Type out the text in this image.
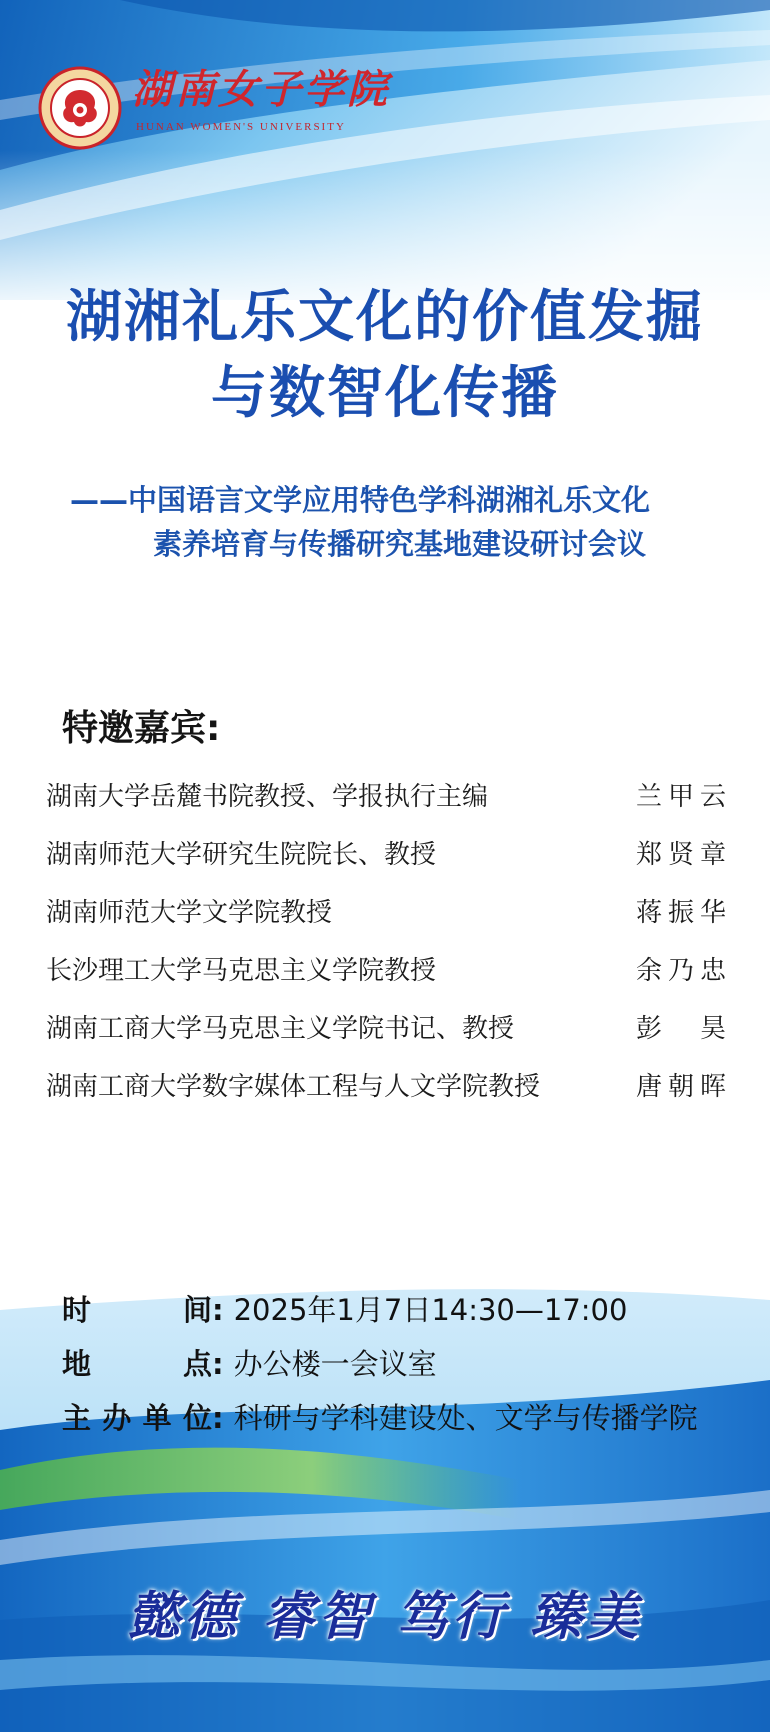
湖南女子学院
HUNAN WOMEN'S UNIVERSITY
湖湘礼乐文化的价值发掘
与数智化传播
——中国语言文学应用特色学科湖湘礼乐文化
素养培育与传播研究基地建设研讨会议
特邀嘉宾:
湖南大学岳麓书院教授、学报执行主编	兰甲云
湖南师范大学研究生院院长、教授	郑贤章
湖南师范大学文学院教授	蒋振华
长沙理工大学马克思主义学院教授	余乃忠
湖南工商大学马克思主义学院书记、教授	彭 昊
湖南工商大学数字媒体工程与人文学院教授	唐朝晖
时间: 2025年1月7日14:30—17:00
地点: 办公楼一会议室
主办单位: 科研与学科建设处、文学与传播学院
懿德 睿智 笃行 臻美
